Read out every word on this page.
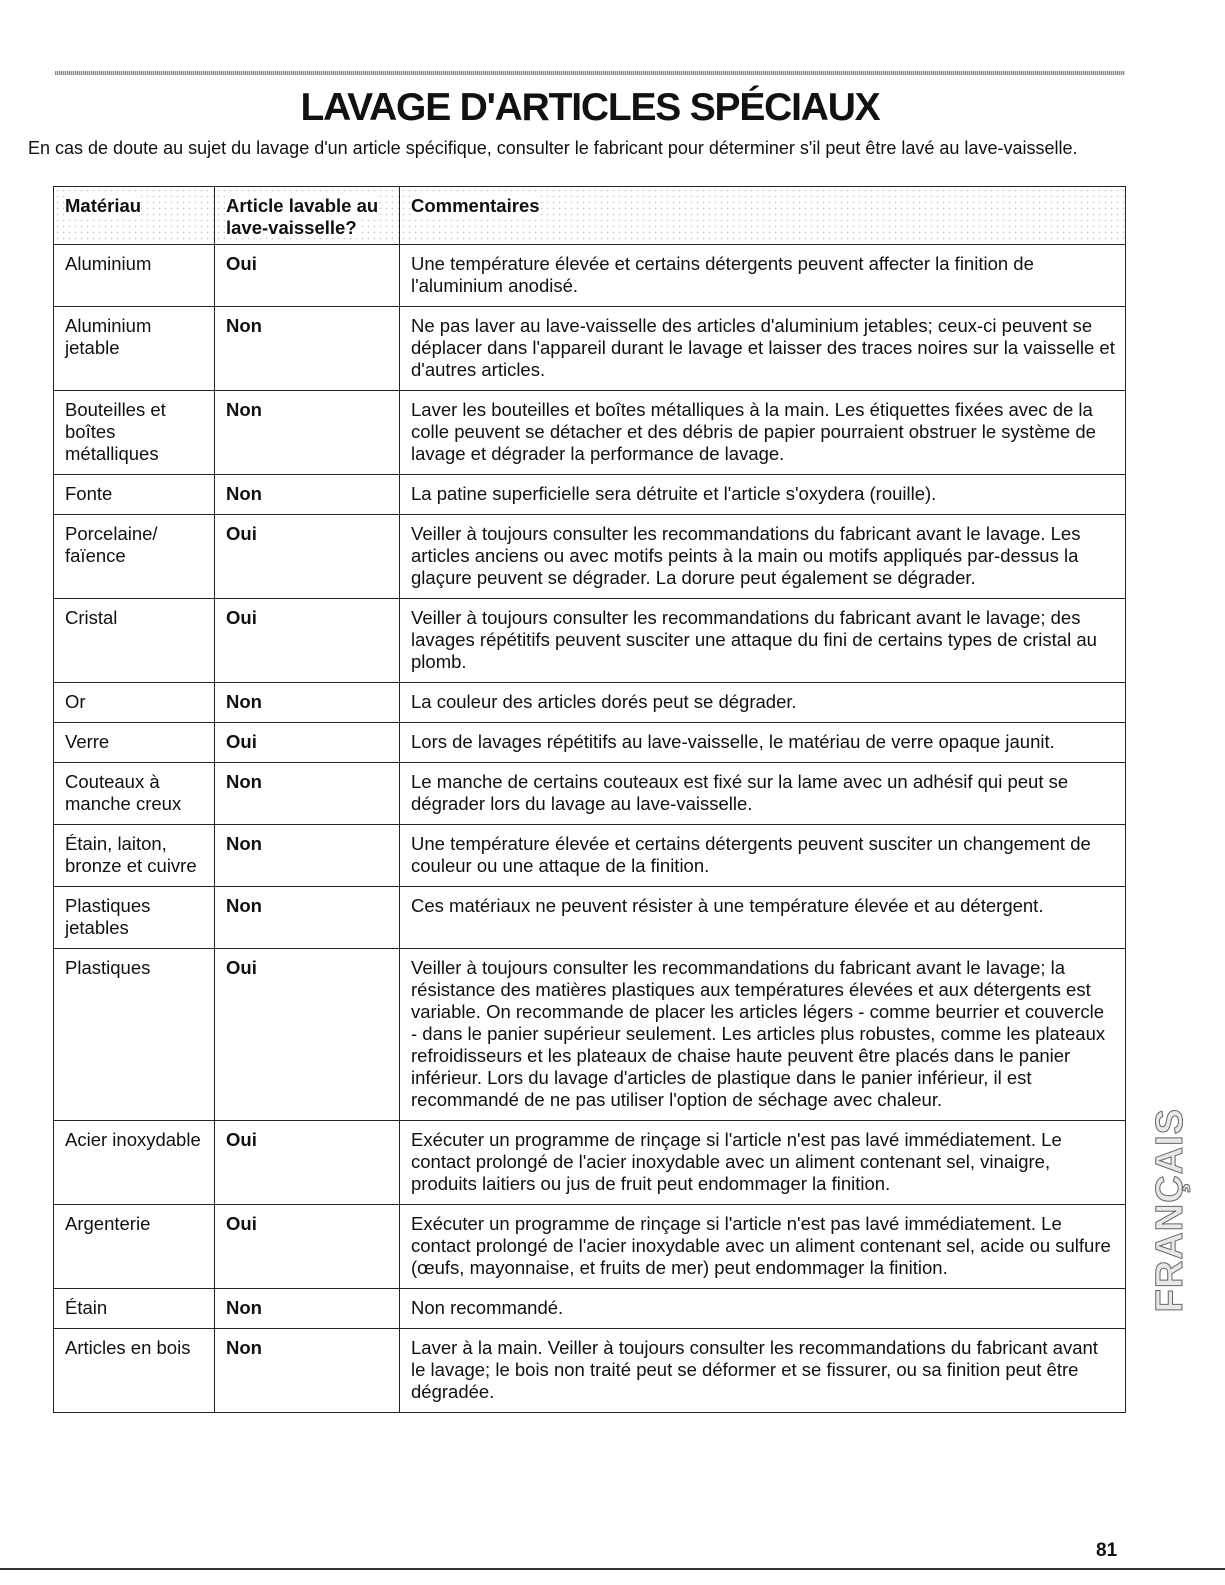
LAVAGE D'ARTICLES SPÉCIAUX

En cas de doute au sujet du lavage d'un article spécifique, consulter le fabricant pour déterminer s'il peut être lavé au lave-vaisselle.

Matériau	Article lavable au lave-vaisselle?	Commentaires
Aluminium	Oui	Une température élevée et certains détergents peuvent affecter la finition de l'aluminium anodisé.
Aluminium jetable	Non	Ne pas laver au lave-vaisselle des articles d'aluminium jetables; ceux-ci peuvent se déplacer dans l'appareil durant le lavage et laisser des traces noires sur la vaisselle et d'autres articles.
Bouteilles et boîtes métalliques	Non	Laver les bouteilles et boîtes métalliques à la main. Les étiquettes fixées avec de la colle peuvent se détacher et des débris de papier pourraient obstruer le système de lavage et dégrader la performance de lavage.
Fonte	Non	La patine superficielle sera détruite et l'article s'oxydera (rouille).
Porcelaine/ faïence	Oui	Veiller à toujours consulter les recommandations du fabricant avant le lavage. Les articles anciens ou avec motifs peints à la main ou motifs appliqués par-dessus la glaçure peuvent se dégrader. La dorure peut également se dégrader.
Cristal	Oui	Veiller à toujours consulter les recommandations du fabricant avant le lavage; des lavages répétitifs peuvent susciter une attaque du fini de certains types de cristal au plomb.
Or	Non	La couleur des articles dorés peut se dégrader.
Verre	Oui	Lors de lavages répétitifs au lave-vaisselle, le matériau de verre opaque jaunit.
Couteaux à manche creux	Non	Le manche de certains couteaux est fixé sur la lame avec un adhésif qui peut se dégrader lors du lavage au lave-vaisselle.
Étain, laiton, bronze et cuivre	Non	Une température élevée et certains détergents peuvent susciter un changement de couleur ou une attaque de la finition.
Plastiques jetables	Non	Ces matériaux ne peuvent résister à une température élevée et au détergent.
Plastiques	Oui	Veiller à toujours consulter les recommandations du fabricant avant le lavage; la résistance des matières plastiques aux températures élevées et aux détergents est variable. On recommande de placer les articles légers - comme beurrier et couvercle - dans le panier supérieur seulement. Les articles plus robustes, comme les plateaux refroidisseurs et les plateaux de chaise haute peuvent être placés dans le panier inférieur. Lors du lavage d'articles de plastique dans le panier inférieur, il est recommandé de ne pas utiliser l'option de séchage avec chaleur.
Acier inoxydable	Oui	Exécuter un programme de rinçage si l'article n'est pas lavé immédiatement. Le contact prolongé de l'acier inoxydable avec un aliment contenant sel, vinaigre, produits laitiers ou jus de fruit peut endommager la finition.
Argenterie	Oui	Exécuter un programme de rinçage si l'article n'est pas lavé immédiatement. Le contact prolongé de l'acier inoxydable avec un aliment contenant sel, acide ou sulfure (œufs, mayonnaise, et fruits de mer) peut endommager la finition.
Étain	Non	Non recommandé.
Articles en bois	Non	Laver à la main. Veiller à toujours consulter les recommandations du fabricant avant le lavage; le bois non traité peut se déformer et se fissurer, ou sa finition peut être dégradée.
FRANÇAIS
81
